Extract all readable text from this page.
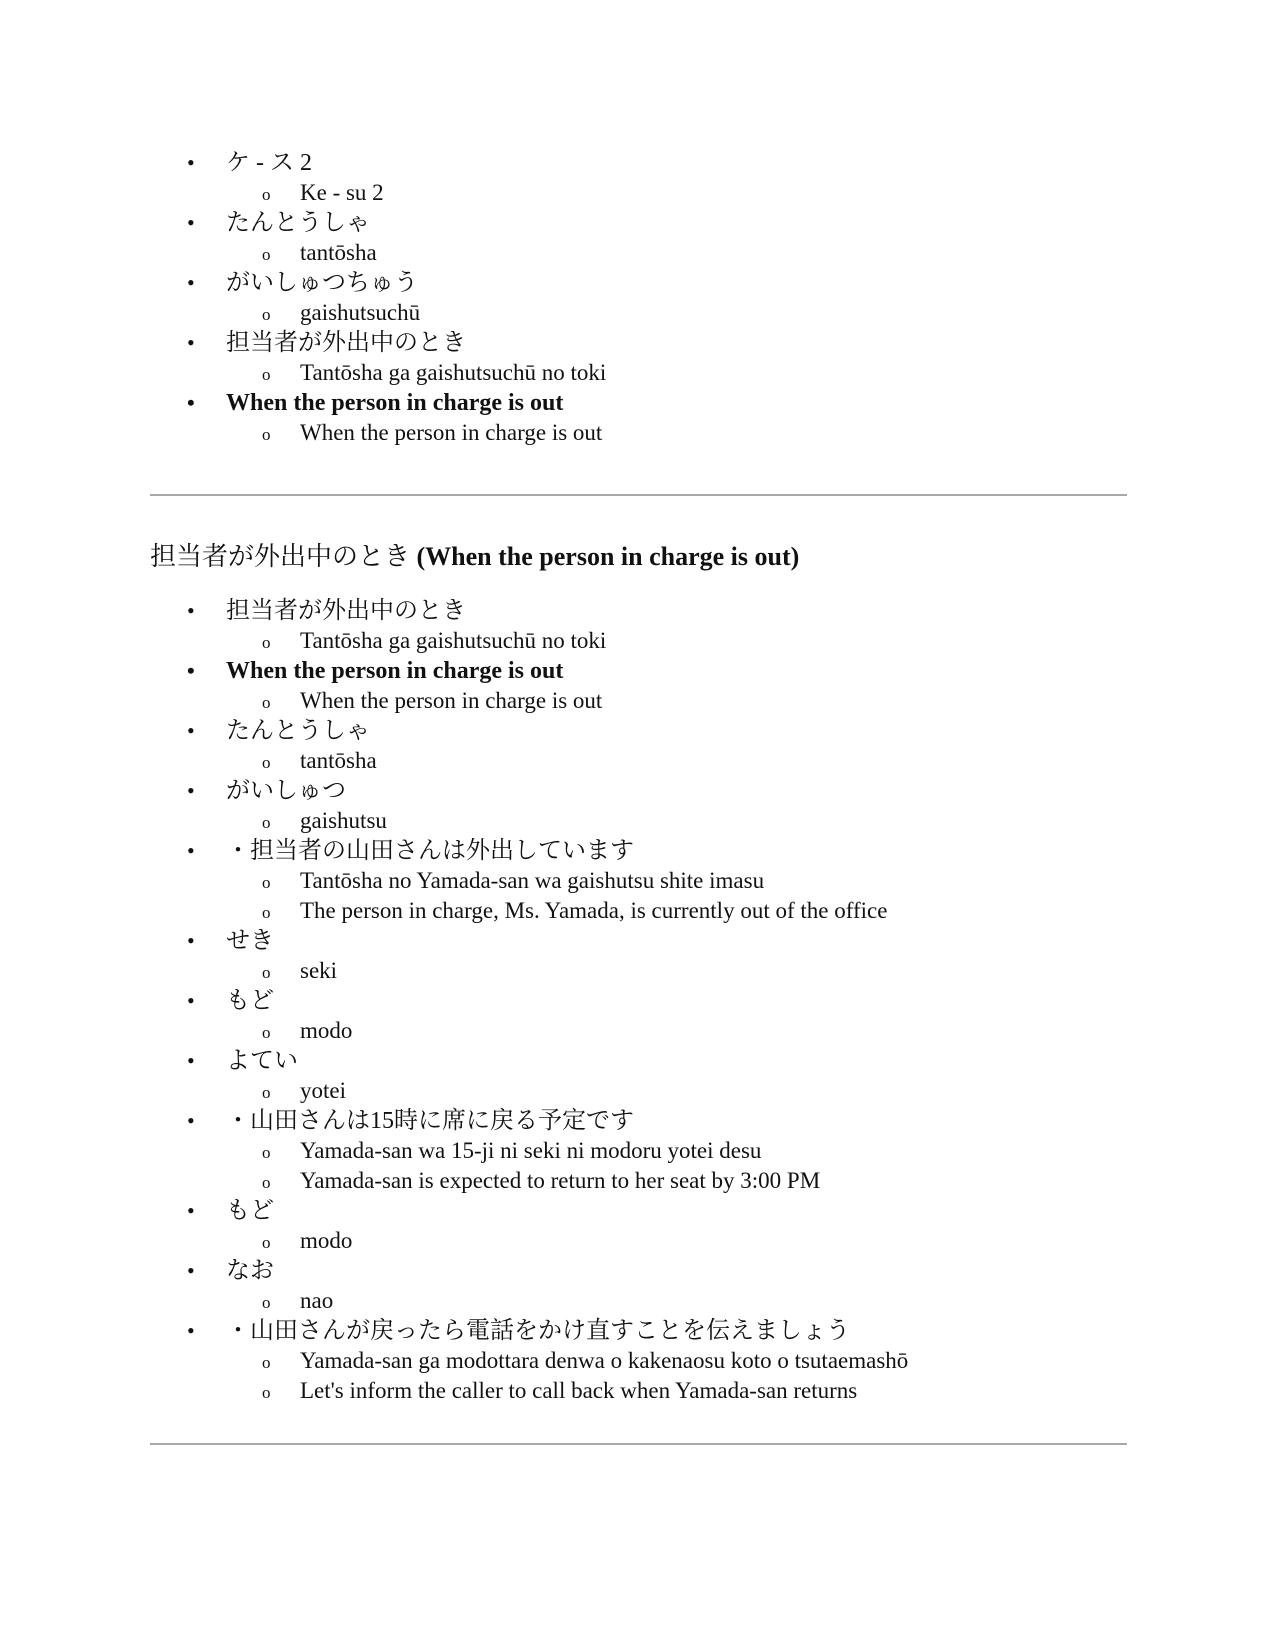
• ケ - ス 2
o Ke - su 2
• たんとうしゃ
o tantōsha
• がいしゅつちゅう
o gaishutsuchū
• 担当者が外出中のとき
o Tantōsha ga gaishutsuchū no toki
• When the person in charge is out
o When the person in charge is out
担当者が外出中のとき (When the person in charge is out)
• 担当者が外出中のとき
o Tantōsha ga gaishutsuchū no toki
• When the person in charge is out
o When the person in charge is out
• たんとうしゃ
o tantōsha
• がいしゅつ
o gaishutsu
• ・担当者の山田さんは外出しています
o Tantōsha no Yamada-san wa gaishutsu shite imasu
o The person in charge, Ms. Yamada, is currently out of the office
• せき
o seki
• もど
o modo
• よてい
o yotei
• ・山田さんは15時に席に戻る予定です
o Yamada-san wa 15-ji ni seki ni modoru yotei desu
o Yamada-san is expected to return to her seat by 3:00 PM
• もど
o modo
• なお
o nao
• ・山田さんが戻ったら電話をかけ直すことを伝えましょう
o Yamada-san ga modottara denwa o kakenaosu koto o tsutaemashō
o Let's inform the caller to call back when Yamada-san returns
